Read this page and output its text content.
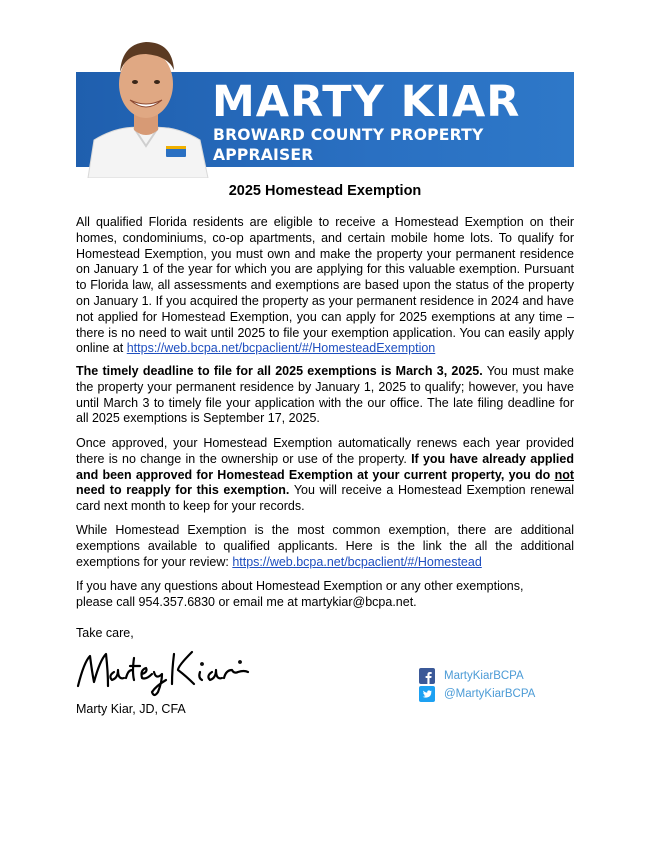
MARTY KIAR
BROWARD COUNTY PROPERTY APPRAISER
2025 Homestead Exemption

All qualified Florida residents are eligible to receive a Homestead Exemption on their homes, condominiums, co-op apartments, and certain mobile home lots. To qualify for Homestead Exemption, you must own and make the property your permanent residence on January 1 of the year for which you are applying for this valuable exemption. Pursuant to Florida law, all assessments and exemptions are based upon the status of the property on January 1. If you acquired the property as your permanent residence in 2024 and have not applied for Homestead Exemption, you can apply for 2025 exemptions at any time – there is no need to wait until 2025 to file your exemption application. You can easily apply online at https://web.bcpa.net/bcpaclient/#/HomesteadExemption

The timely deadline to file for all 2025 exemptions is March 3, 2025. You must make the property your permanent residence by January 1, 2025 to qualify; however, you have until March 3 to timely file your application with the our office. The late filing deadline for all 2025 exemptions is September 17, 2025.

Once approved, your Homestead Exemption automatically renews each year provided there is no change in the ownership or use of the property. If you have already applied and been approved for Homestead Exemption at your current property, you do not need to reapply for this exemption. You will receive a Homestead Exemption renewal card next month to keep for your records.

While Homestead Exemption is the most common exemption, there are additional exemptions available to qualified applicants. Here is the link the all the additional exemptions for your review: https://web.bcpa.net/bcpaclient/#/Homestead

If you have any questions about Homestead Exemption or any other exemptions,
please call 954.357.6830 or email me at martykiar@bcpa.net.

Take care,

Marty Kiar, JD, CFA

MartyKiarBCPA
@MartyKiarBCPA
